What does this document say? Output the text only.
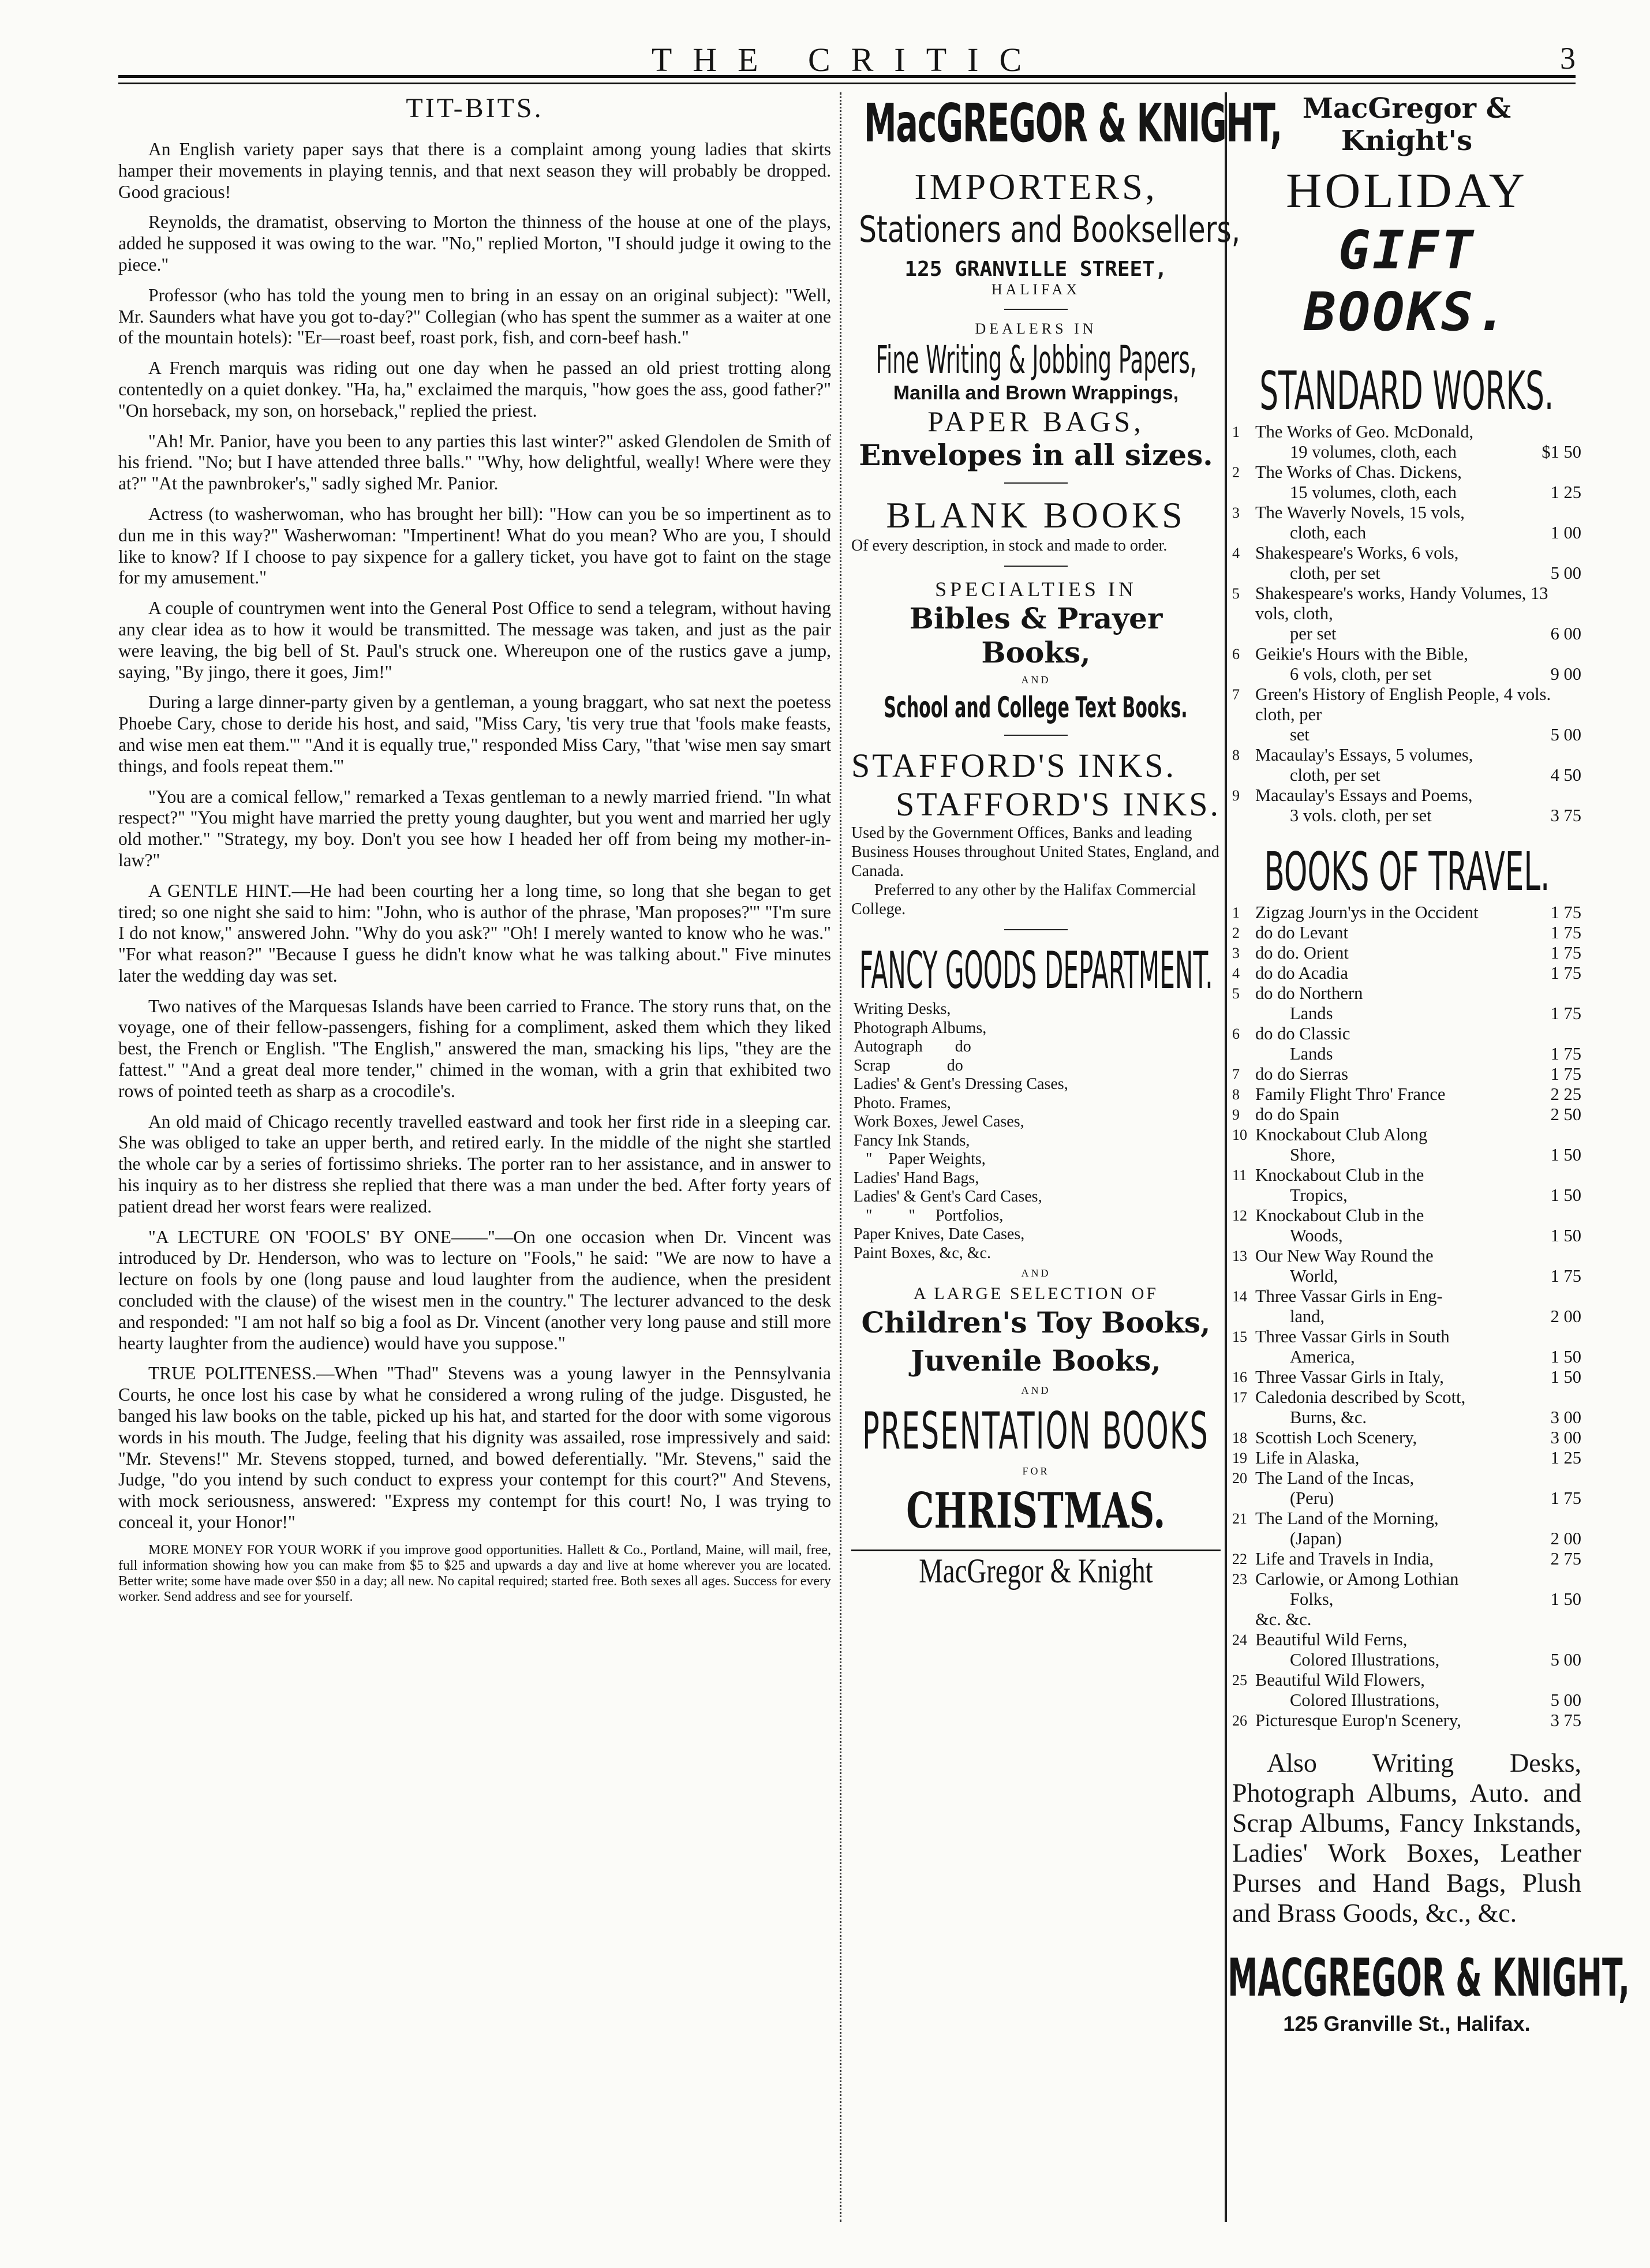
THE CRITIC	3
TIT-BITS.

An English variety paper says that there is a complaint among young ladies that skirts hamper their movements in playing tennis, and that next season they will probably be dropped. Good gracious!

Reynolds, the dramatist, observing to Morton the thinness of the house at one of the plays, added he supposed it was owing to the war. "No," replied Morton, "I should judge it owing to the piece."

Professor (who has told the young men to bring in an essay on an original subject): "Well, Mr. Saunders what have you got to-day?" Collegian (who has spent the summer as a waiter at one of the mountain hotels): "Er—roast beef, roast pork, fish, and corn-beef hash."

A French marquis was riding out one day when he passed an old priest trotting along contentedly on a quiet donkey. "Ha, ha," exclaimed the marquis, "how goes the ass, good father?" "On horseback, my son, on horseback," replied the priest.

"Ah! Mr. Panior, have you been to any parties this last winter?" asked Glendolen de Smith of his friend. "No; but I have attended three balls." "Why, how delightful, weally! Where were they at?" "At the pawnbroker's," sadly sighed Mr. Panior.

Actress (to washerwoman, who has brought her bill): "How can you be so impertinent as to dun me in this way?" Washerwoman: "Impertinent! What do you mean? Who are you, I should like to know? If I choose to pay sixpence for a gallery ticket, you have got to faint on the stage for my amusement."

A couple of countrymen went into the General Post Office to send a telegram, without having any clear idea as to how it would be transmitted. The message was taken, and just as the pair were leaving, the big bell of St. Paul's struck one. Whereupon one of the rustics gave a jump, saying, "By jingo, there it goes, Jim!"

During a large dinner-party given by a gentleman, a young braggart, who sat next the poetess Phoebe Cary, chose to deride his host, and said, "Miss Cary, 'tis very true that 'fools make feasts, and wise men eat them.'" "And it is equally true," responded Miss Cary, "that 'wise men say smart things, and fools repeat them.'"

"You are a comical fellow," remarked a Texas gentleman to a newly married friend. "In what respect?" "You might have married the pretty young daughter, but you went and married her ugly old mother." "Strategy, my boy. Don't you see how I headed her off from being my mother-in-law?"

A GENTLE HINT.—He had been courting her a long time, so long that she began to get tired; so one night she said to him: "John, who is author of the phrase, 'Man proposes?'" "I'm sure I do not know," answered John. "Why do you ask?" "Oh! I merely wanted to know who he was." "For what reason?" "Because I guess he didn't know what he was talking about." Five minutes later the wedding day was set.

Two natives of the Marquesas Islands have been carried to France. The story runs that, on the voyage, one of their fellow-passengers, fishing for a compliment, asked them which they liked best, the French or English. "The English," answered the man, smacking his lips, "they are the fattest." "And a great deal more tender," chimed in the woman, with a grin that exhibited two rows of pointed teeth as sharp as a crocodile's.

An old maid of Chicago recently travelled eastward and took her first ride in a sleeping car. She was obliged to take an upper berth, and retired early. In the middle of the night she startled the whole car by a series of fortissimo shrieks. The porter ran to her assistance, and in answer to his inquiry as to her distress she replied that there was a man under the bed. After forty years of patient dread her worst fears were realized.

"A LECTURE ON 'FOOLS' BY ONE——"—On one occasion when Dr. Vincent was introduced by Dr. Henderson, who was to lecture on "Fools," he said: "We are now to have a lecture on fools by one (long pause and loud laughter from the audience, when the president concluded with the clause) of the wisest men in the country." The lecturer advanced to the desk and responded: "I am not half so big a fool as Dr. Vincent (another very long pause and still more hearty laughter from the audience) would have you suppose."

TRUE POLITENESS.—When "Thad" Stevens was a young lawyer in the Pennsylvania Courts, he once lost his case by what he considered a wrong ruling of the judge. Disgusted, he banged his law books on the table, picked up his hat, and started for the door with some vigorous words in his mouth. The Judge, feeling that his dignity was assailed, rose impressively and said: "Mr. Stevens!" Mr. Stevens stopped, turned, and bowed deferentially. "Mr. Stevens," said the Judge, "do you intend by such conduct to express your contempt for this court?" And Stevens, with mock seriousness, answered: "Express my contempt for this court! No, I was trying to conceal it, your Honor!"

MORE MONEY FOR YOUR WORK if you improve good opportunities. Hallett & Co., Portland, Maine, will mail, free, full information showing how you can make from $5 to $25 and upwards a day and live at home wherever you are located. Better write; some have made over $50 in a day; all new. No capital required; started free. Both sexes all ages. Success for every worker. Send address and see for yourself.

MacGREGOR & KNIGHT,
IMPORTERS,
Stationers and Booksellers,
125 GRANVILLE STREET,
HALIFAX
DEALERS IN
Fine Writing & Jobbing Papers,
Manilla and Brown Wrappings,
PAPER BAGS,
Envelopes in all sizes.
BLANK BOOKS
Of every description, in stock and made to order.
SPECIALTIES IN
Bibles & Prayer Books,
AND
School and College Text Books.
STAFFORD'S INKS.
STAFFORD'S INKS.
Used by the Government Offices, Banks and leading Business Houses throughout United States, England, and Canada.
Preferred to any other by the Halifax Commercial College.
FANCY GOODS DEPARTMENT.
Writing Desks,
Photograph Albums,
Autograph        do
Scrap              do
Ladies' & Gent's Dressing Cases,
Photo. Frames,
Work Boxes, Jewel Cases,
Fancy Ink Stands,
"    Paper Weights,
Ladies' Hand Bags,
Ladies' & Gent's Card Cases,
"         "     Portfolios,
Paper Knives, Date Cases,
Paint Boxes, &c, &c.
AND
A LARGE SELECTION OF
Children's Toy Books,
Juvenile Books,
AND
PRESENTATION BOOKS
FOR
CHRISTMAS.
MacGregor & Knight
MacGregor & Knight's
HOLIDAY
GIFT BOOKS.
STANDARD WORKS.
1 The Works of Geo. McDonald,
19 volumes, cloth, each	$1 50
2 The Works of Chas. Dickens,
15 volumes, cloth, each	1 25
3 The Waverly Novels, 15 vols,
cloth, each	1 00
4 Shakespeare's Works, 6 vols,
cloth, per set	5 00
5 Shakespeare's works, Handy Volumes, 13 vols, cloth,
per set	6 00
6 Geikie's Hours with the Bible,
6 vols, cloth, per set	9 00
7 Green's History of English People, 4 vols. cloth, per
set	5 00
8 Macaulay's Essays, 5 volumes,
cloth, per set	4 50
9 Macaulay's Essays and Poems,
3 vols. cloth, per set	3 75
BOOKS OF TRAVEL.
1 Zigzag Journ'ys in the Occident	1 75
2 do do Levant	1 75
3 do do. Orient	1 75
4 do do Acadia	1 75
5 do do Northern
Lands	1 75
6 do do Classic
Lands	1 75
7 do do Sierras	1 75
8 Family Flight Thro' France	2 25
9 do do Spain	2 50
10 Knockabout Club Along
Shore,	1 50
11 Knockabout Club in the
Tropics,	1 50
12 Knockabout Club in the
Woods,	1 50
13 Our New Way Round the
World,	1 75
14 Three Vassar Girls in Eng-
land,	2 00
15 Three Vassar Girls in South
America,	1 50
16 Three Vassar Girls in Italy,	1 50
17 Caledonia described by Scott,
Burns, &c.	3 00
18 Scottish Loch Scenery,	3 00
19 Life in Alaska,	1 25
20 The Land of the Incas,
(Peru)	1 75
21 The Land of the Morning,
(Japan)	2 00
22 Life and Travels in India,	2 75
23 Carlowie, or Among Lothian
Folks,	1 50
&c. &c.
24 Beautiful Wild Ferns,
Colored Illustrations,	5 00
25 Beautiful Wild Flowers,
Colored Illustrations,	5 00
26 Picturesque Europ'n Scenery,	3 75
Also Writing Desks, Photograph Albums, Auto. and Scrap Albums, Fancy Inkstands, Ladies' Work Boxes, Leather Purses and Hand Bags, Plush and Brass Goods, &c., &c.
MACGREGOR & KNIGHT,
125 Granville St., Halifax.
